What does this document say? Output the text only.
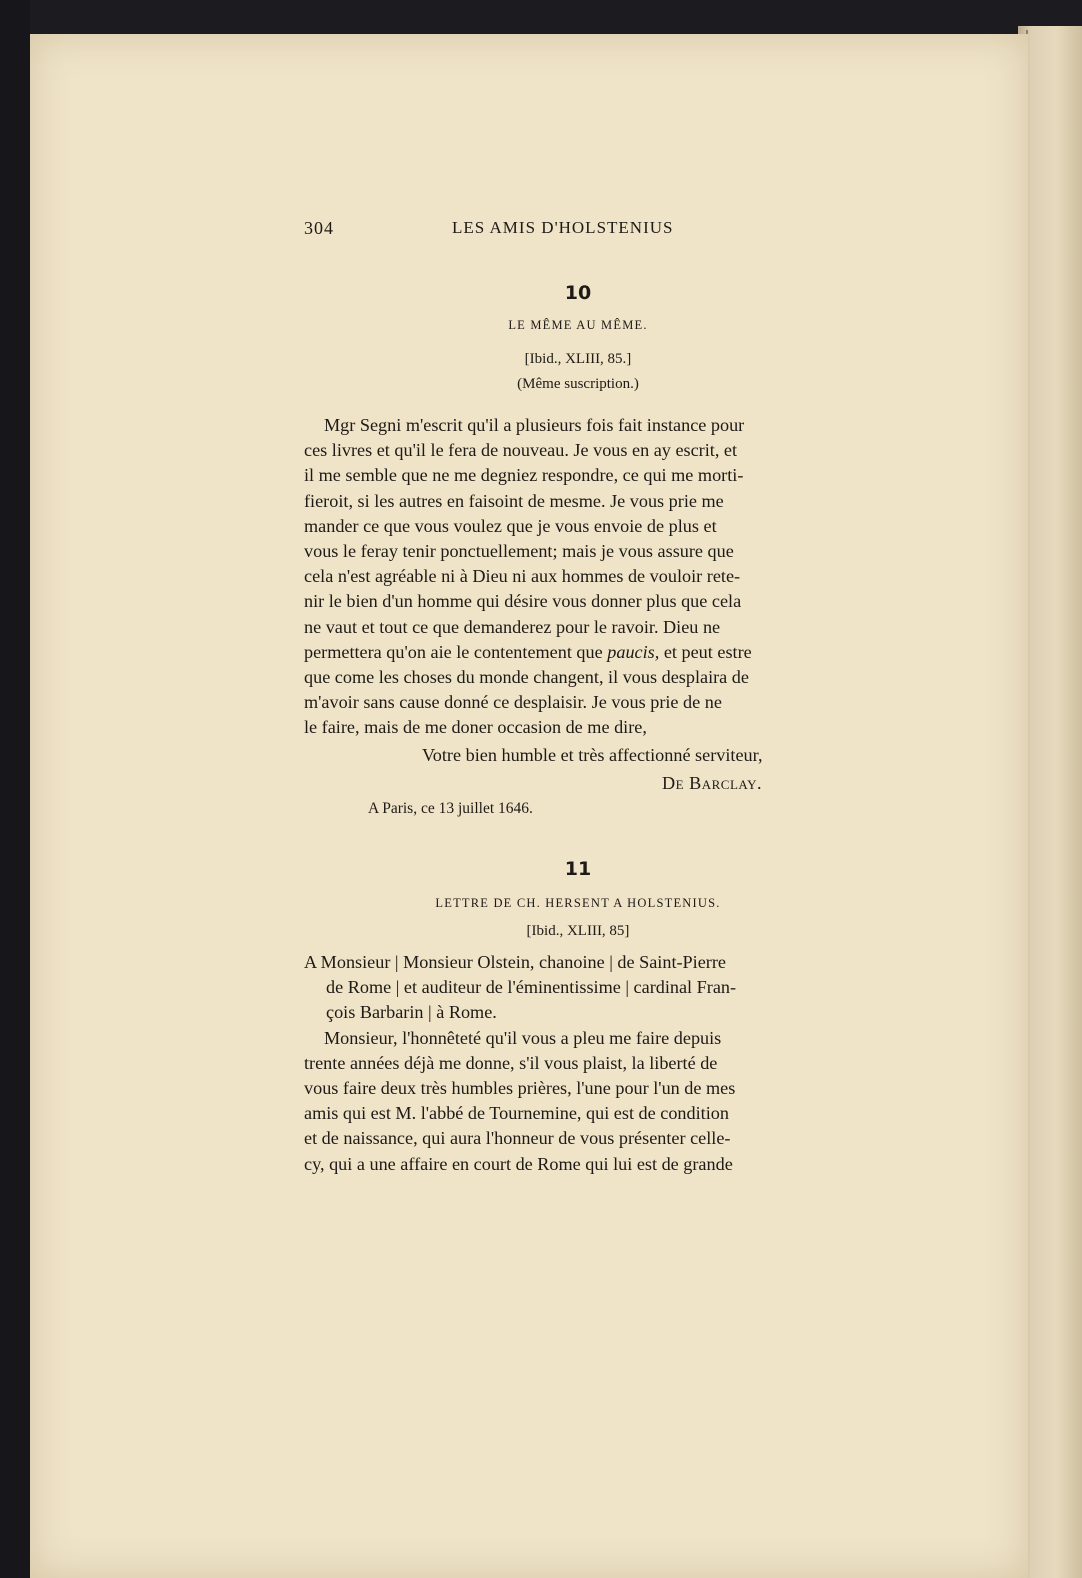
304	LES AMIS D'HOLSTENIUS

10

LE MÊME AU MÊME.

[Ibid., XLIII, 85.]

(Même suscription.)

Mgr Segni m'escrit qu'il a plusieurs fois fait instance pour
ces livres et qu'il le fera de nouveau. Je vous en ay escrit, et
il me semble que ne me degniez respondre, ce qui me morti-
fieroit, si les autres en faisoint de mesme. Je vous prie me
mander ce que vous voulez que je vous envoie de plus et
vous le feray tenir ponctuellement; mais je vous assure que
cela n'est agréable ni à Dieu ni aux hommes de vouloir rete-
nir le bien d'un homme qui désire vous donner plus que cela
ne vaut et tout ce que demanderez pour le ravoir. Dieu ne
permettera qu'on aie le contentement que paucis, et peut estre
que come les choses du monde changent, il vous desplaira de
m'avoir sans cause donné ce desplaisir. Je vous prie de ne
le faire, mais de me doner occasion de me dire,

Votre bien humble et très affectionné serviteur,

De Barclay.

A Paris, ce 13 juillet 1646.

11

LETTRE DE CH. HERSENT A HOLSTENIUS.

[Ibid., XLIII, 85]

A Monsieur | Monsieur Olstein, chanoine | de Saint-Pierre
de Rome | et auditeur de l'éminentissime | cardinal Fran-
çois Barbarin | à Rome.
Monsieur, l'honnêteté qu'il vous a pleu me faire depuis
trente années déjà me donne, s'il vous plaist, la liberté de
vous faire deux très humbles prières, l'une pour l'un de mes
amis qui est M. l'abbé de Tournemine, qui est de condition
et de naissance, qui aura l'honneur de vous présenter celle-
cy, qui a une affaire en court de Rome qui lui est de grande
